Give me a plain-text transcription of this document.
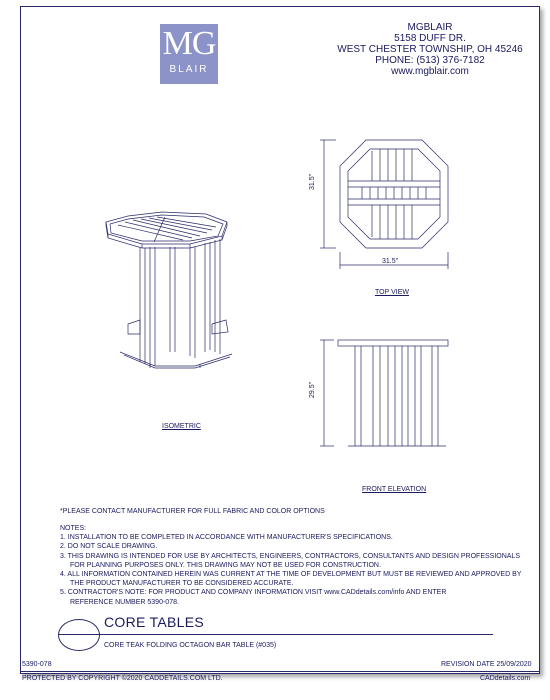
MG
BLAIR
MGBLAIR
5158 DUFF DR.
WEST CHESTER TOWNSHIP, OH 45246
PHONE: (513) 376-7182
www.mgblair.com
ISOMETRIC
TOP VIEW
FRONT ELEVATION
31.5"
31.5"
29.5"
*PLEASE CONTACT MANUFACTURER FOR FULL FABRIC AND COLOR OPTIONS
NOTES:
1. INSTALLATION TO BE COMPLETED IN ACCORDANCE WITH MANUFACTURER'S SPECIFICATIONS.
2. DO NOT SCALE DRAWING.
3. THIS DRAWING IS INTENDED FOR USE BY ARCHITECTS, ENGINEERS, CONTRACTORS, CONSULTANTS AND DESIGN PROFESSIONALS
FOR PLANNING PURPOSES ONLY. THIS DRAWING MAY NOT BE USED FOR CONSTRUCTION.
4. ALL INFORMATION CONTAINED HEREIN WAS CURRENT AT THE TIME OF DEVELOPMENT BUT MUST BE REVIEWED AND APPROVED BY
THE PRODUCT MANUFACTURER TO BE CONSIDERED ACCURATE.
5. CONTRACTOR'S NOTE: FOR PRODUCT AND COMPANY INFORMATION VISIT www.CADdetails.com/info AND ENTER
REFERENCE NUMBER 5390-078.
CORE TABLES
CORE TEAK FOLDING OCTAGON BAR TABLE (#035)
5390-078	REVISION DATE 25/09/2020
PROTECTED BY COPYRIGHT ©2020 CADDETAILS.COM LTD.	CADdetails.com
